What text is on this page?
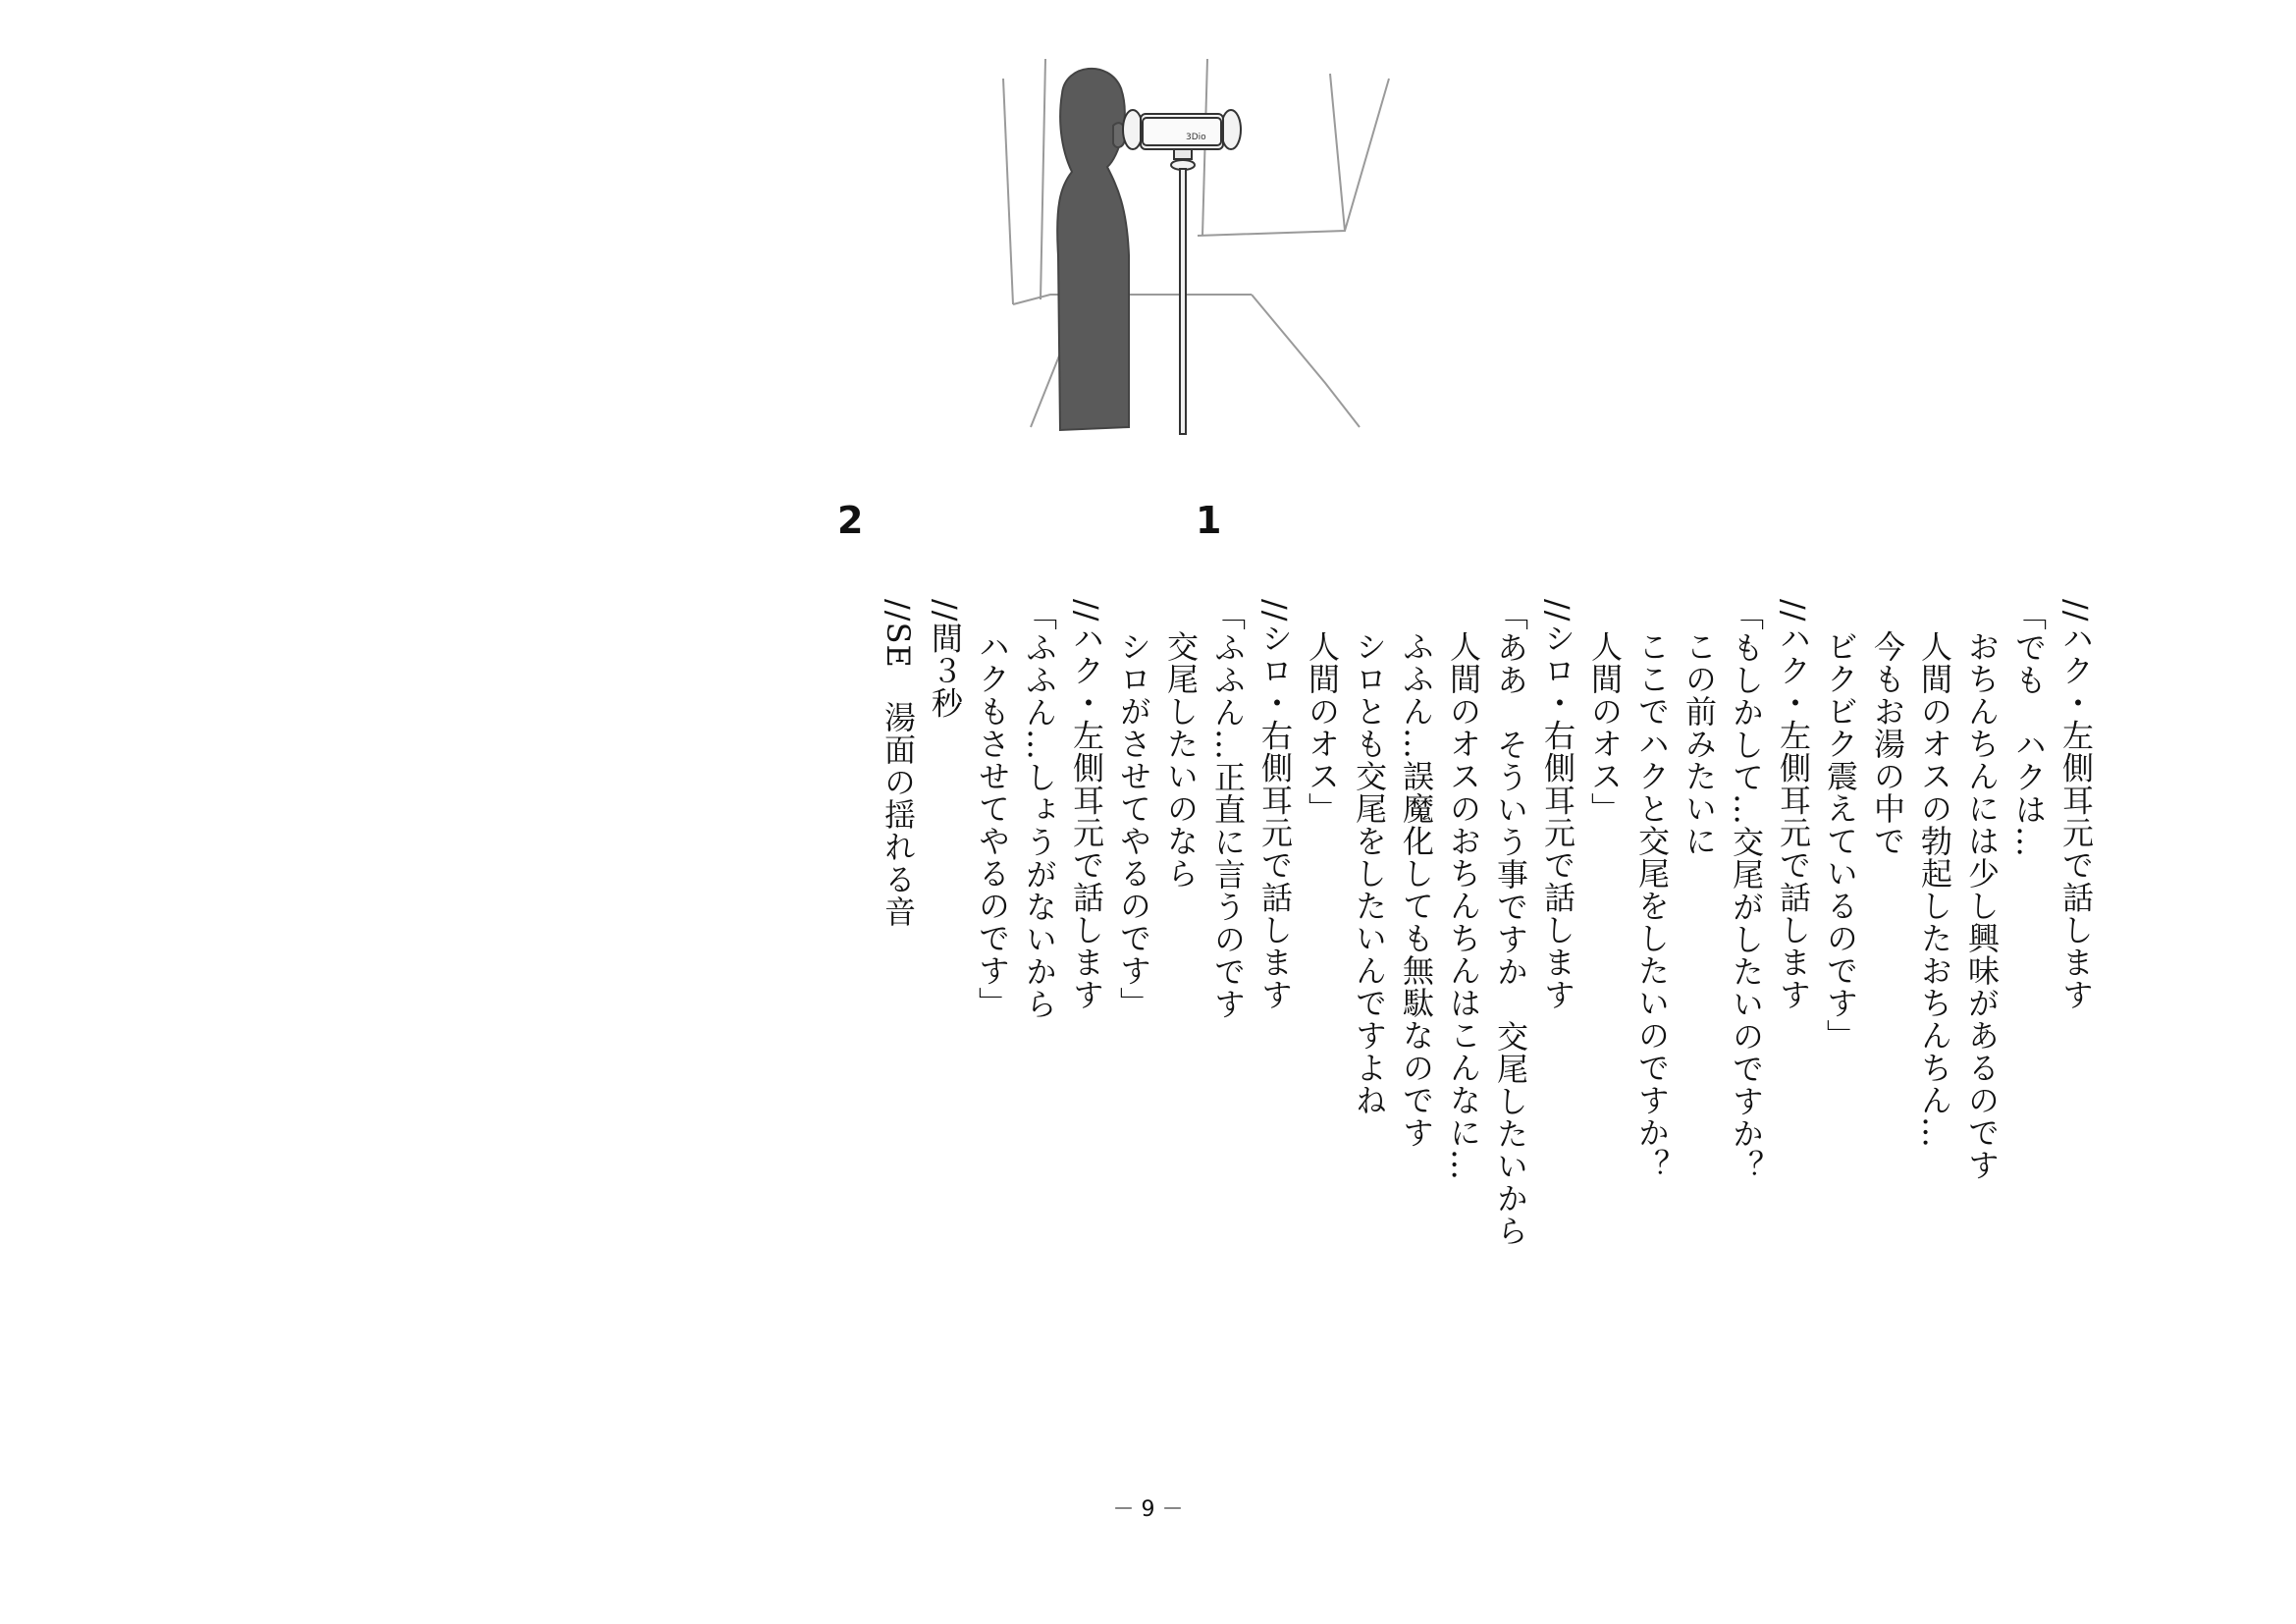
3Dio
2	1
//ハク・左側耳元で話します
「でも　ハクは…
おちんちんには少し興味があるのです
人間のオスの勃起したおちんちん…
今もお湯の中で
ビクビク震えているのです」
//ハク・左側耳元で話します
「もしかして…交尾がしたいのですか？
この前みたいに
ここでハクと交尾をしたいのですか？
人間のオス」
//シロ・右側耳元で話します
「ああ　そういう事ですか　交尾したいから
人間のオスのおちんちんはこんなに…
ふふん…誤魔化しても無駄なのです
シロとも交尾をしたいんですよね
人間のオス」
//シロ・右側耳元で話します
「ふふん…正直に言うのです
交尾したいのなら
シロがさせてやるのです」
//ハク・左側耳元で話します
「ふふん…しょうがないから
ハクもさせてやるのです」
//間３秒
//SE　湯面の揺れる音
－ 9 －
